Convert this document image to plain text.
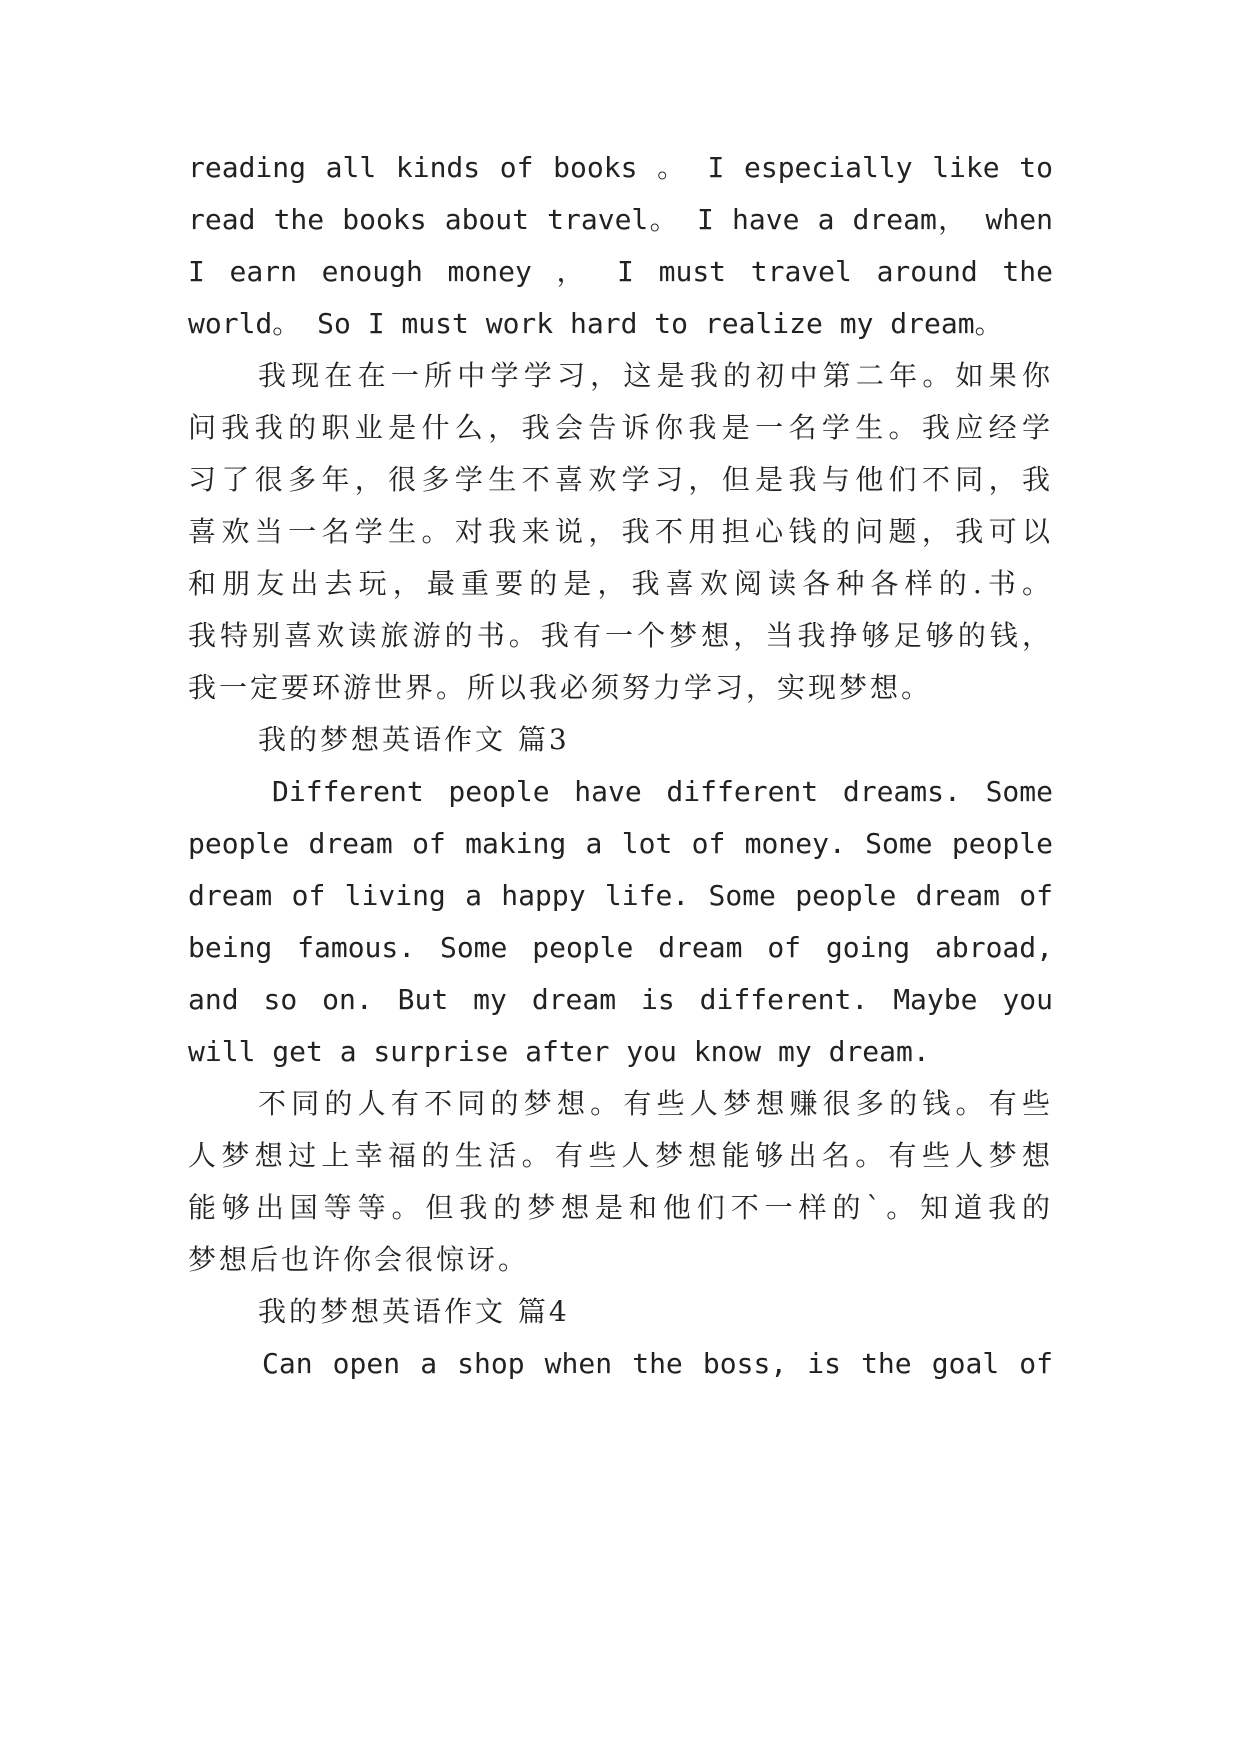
reading all kinds of books 。 I especially like to
read the books about travel。 I have a dream， when
I earn enough money ， I must travel around the
world。 So I must work hard to realize my dream。
我现在在一所中学学习，这是我的初中第二年。如果你
问我我的职业是什么，我会告诉你我是一名学生。我应经学
习了很多年，很多学生不喜欢学习，但是我与他们不同，我
喜欢当一名学生。对我来说，我不用担心钱的问题，我可以
和朋友出去玩，最重要的是，我喜欢阅读各种各样的.书。
我特别喜欢读旅游的书。我有一个梦想，当我挣够足够的钱，
我一定要环游世界。所以我必须努力学习，实现梦想。
我的梦想英语作文 篇3
Different people have different dreams. Some
people dream of making a lot of money. Some people
dream of living a happy life. Some people dream of
being famous. Some people dream of going abroad,
and so on. But my dream is different. Maybe you
will get a surprise after you know my dream.
不同的人有不同的梦想。有些人梦想赚很多的钱。有些
人梦想过上幸福的生活。有些人梦想能够出名。有些人梦想
能够出国等等。但我的梦想是和他们不一样的`。知道我的
梦想后也许你会很惊讶。
我的梦想英语作文 篇4
Can open a shop when the boss, is the goal of
